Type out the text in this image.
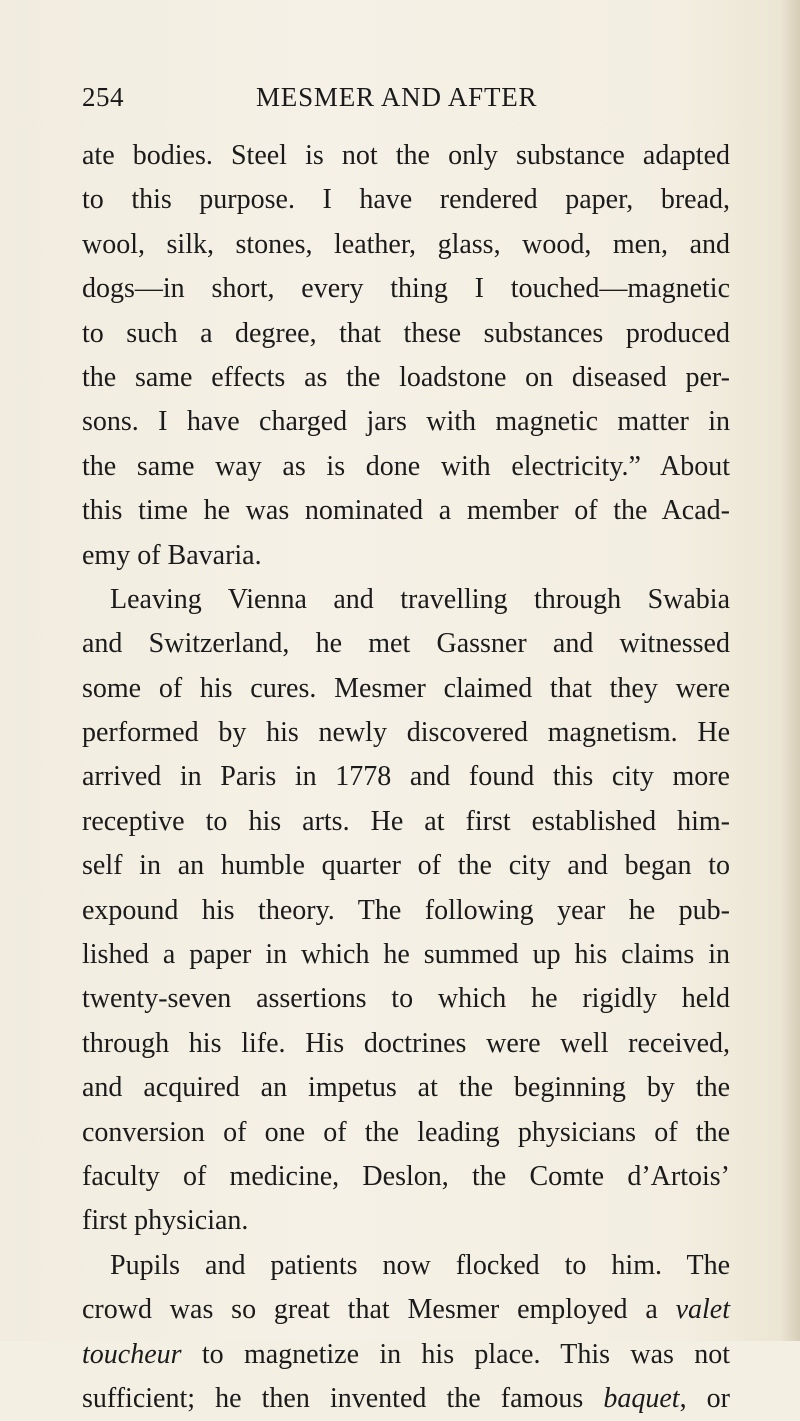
254	MESMER AND AFTER
ate bodies. Steel is not the only substance adapted
to this purpose. I have rendered paper, bread,
wool, silk, stones, leather, glass, wood, men, and
dogs—in short, every thing I touched—magnetic
to such a degree, that these substances produced
the same effects as the loadstone on diseased per-
sons. I have charged jars with magnetic matter in
the same way as is done with electricity.” About
this time he was nominated a member of the Acad-
emy of Bavaria.
Leaving Vienna and travelling through Swabia
and Switzerland, he met Gassner and witnessed
some of his cures. Mesmer claimed that they were
performed by his newly discovered magnetism. He
arrived in Paris in 1778 and found this city more
receptive to his arts. He at first established him-
self in an humble quarter of the city and began to
expound his theory. The following year he pub-
lished a paper in which he summed up his claims in
twenty-seven assertions to which he rigidly held
through his life. His doctrines were well received,
and acquired an impetus at the beginning by the
conversion of one of the leading physicians of the
faculty of medicine, Deslon, the Comte d’Artois’
first physician.
Pupils and patients now flocked to him. The
crowd was so great that Mesmer employed a valet
toucheur to magnetize in his place. This was not
sufficient; he then invented the famous baquet, or
